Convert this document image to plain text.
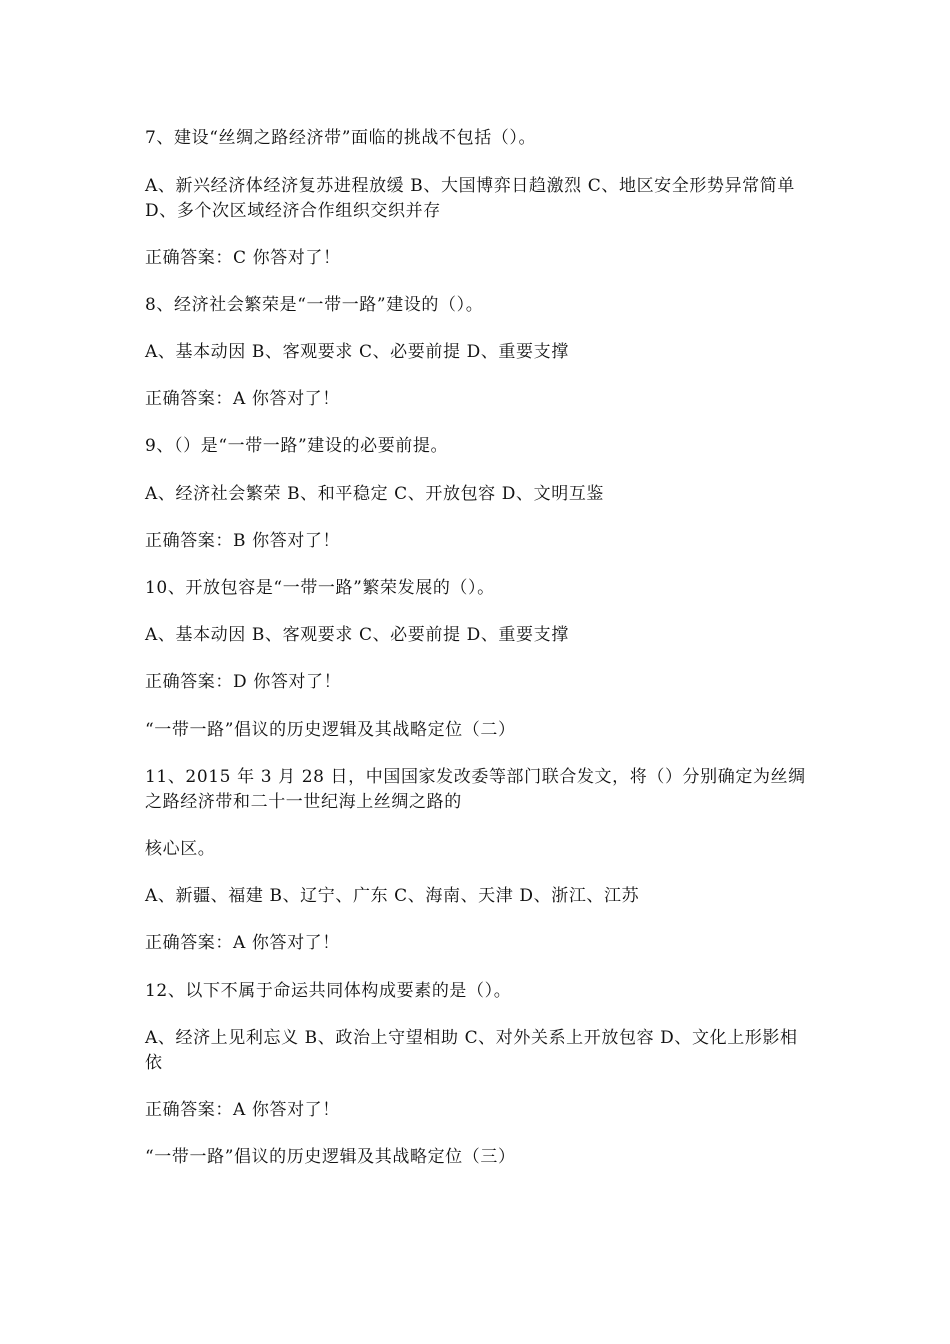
7、建设“丝绸之路经济带”面临的挑战不包括（）。
A、新兴经济体经济复苏进程放缓 B、大国博弈日趋激烈 C、地区安全形势异常简单 D、多个次区域经济合作组织交织并存
正确答案：C 你答对了！
8、经济社会繁荣是“一带一路”建设的（）。
A、基本动因 B、客观要求 C、必要前提 D、重要支撑
正确答案：A 你答对了！
9、（）是“一带一路”建设的必要前提。
A、经济社会繁荣 B、和平稳定 C、开放包容 D、文明互鉴
正确答案：B 你答对了！
10、开放包容是“一带一路”繁荣发展的（）。
A、基本动因 B、客观要求 C、必要前提 D、重要支撑
正确答案：D 你答对了！
“一带一路”倡议的历史逻辑及其战略定位（二）
11、2015 年 3 月 28 日，中国国家发改委等部门联合发文，将（）分别确定为丝绸之路经济带和二十一世纪海上丝绸之路的
核心区。
A、新疆、福建 B、辽宁、广东 C、海南、天津 D、浙江、江苏
正确答案：A 你答对了！
12、以下不属于命运共同体构成要素的是（）。
A、经济上见利忘义 B、政治上守望相助 C、对外关系上开放包容 D、文化上形影相依
正确答案：A 你答对了！
“一带一路”倡议的历史逻辑及其战略定位（三）
